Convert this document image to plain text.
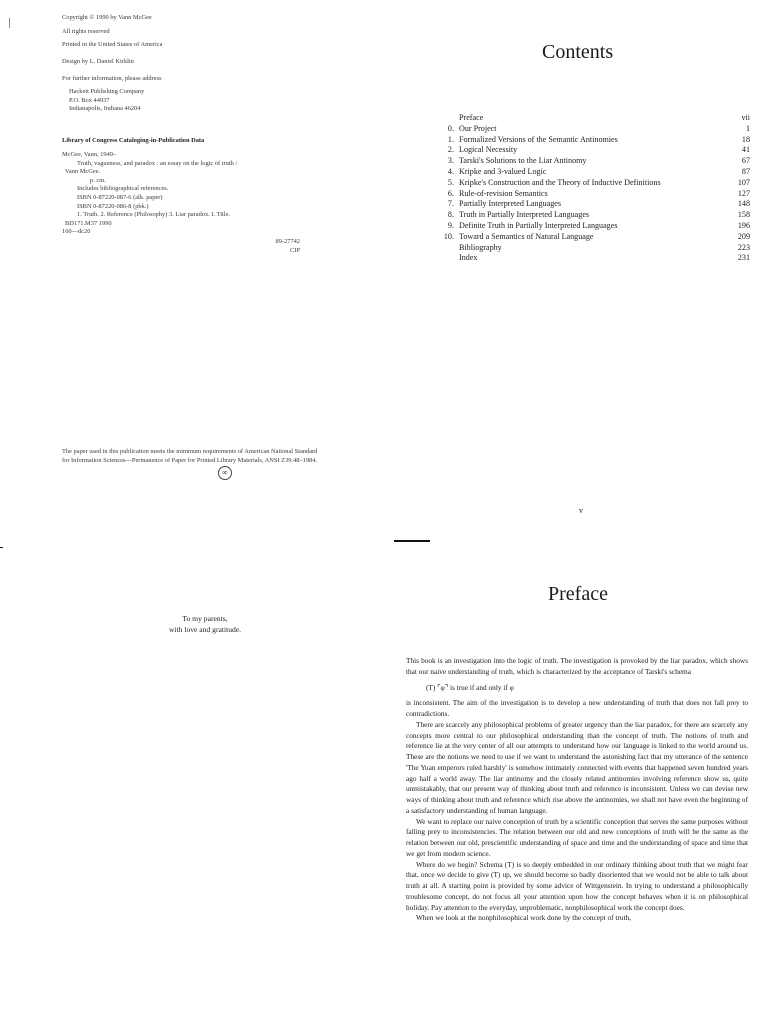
Copyright © 1990 by Vann McGee
All rights reserved
Printed in the United States of America
Design by L. Daniel Kirklin
For further information, please address
Hackett Publishing Company
P.O. Box 44937
Indianapolis, Indiana 46204
Library of Congress Cataloging-in-Publication Data
McGee, Vann, 1949–
Truth, vagueness, and paradox : an essay on the logic of truth /
Vann McGee.
p. cm.
Includes bibliographical references.
ISBN 0-87220-087-6 (alk. paper)
ISBN 0-87220-086-8 (pbk.)
1. Truth. 2. Reference (Philosophy) 3. Liar paradox. I. Title.
BD171.M37 1990
160—dc20
89-27742
CIP
The paper used in this publication meets the minimum requirements of American National Standard
for Information Sciences—Permanence of Paper for Printed Library Materials, ANSI Z39.48–1984.
∞
Contents
Preface	vii
0. Our Project	1
1. Formalized Versions of the Semantic Antinomies	18
2. Logical Necessity	41
3. Tarski's Solutions to the Liar Antinomy	67
4. Kripke and 3-valued Logic	87
5. Kripke's Construction and the Theory of Inductive Definitions	107
6. Rule-of-revision Semantics	127
7. Partially Interpreted Languages	148
8. Truth in Partially Interpreted Languages	158
9. Definite Truth in Partially Interpreted Languages	196
10. Toward a Semantics of Natural Language	209
Bibliography	223
Index	231
v
To my parents,
with love and gratitude.
Preface

This book is an investigation into the logic of truth. The investigation is provoked by the liar paradox, which shows that our naive understanding of truth, which is characterized by the acceptance of Tarski's schema

(T) ⌜φ⌝ is true if and only if φ

is inconsistent. The aim of the investigation is to develop a new understanding of truth that does not fall prey to contradictions.

There are scarcely any philosophical problems of greater urgency than the liar paradox, for there are scarcely any concepts more central to our philosophical understanding than the concept of truth. The notions of truth and reference lie at the very center of all our attempts to understand how our language is linked to the world around us. These are the notions we need to use if we want to understand the astonishing fact that my utterance of the sentence 'The Yuan emperors ruled harshly' is somehow intimately connected with events that happened seven hundred years ago half a world away. The liar antinomy and the closely related antinomies involving reference show us, quite unmistakably, that our present way of thinking about truth and reference is inconsistent. Unless we can devise new ways of thinking about truth and reference which rise above the antinomies, we shall not have even the beginning of a satisfactory understanding of human language.

We want to replace our naive conception of truth by a scientific conception that serves the same purposes without falling prey to inconsistencies. The relation between our old and new conceptions of truth will be the same as the relation between our old, prescientific understanding of space and time and the understanding of space and time that we get from modern science.

Where do we begin? Schema (T) is so deeply embedded in our ordinary thinking about truth that we might fear that, once we decide to give (T) up, we should become so badly disoriented that we would not be able to talk about truth at all. A starting point is provided by some advice of Wittgenstein. In trying to understand a philosophically troublesome concept, do not focus all your attention upon how the concept behaves when it is on philosophical holiday. Pay attention to the everyday, unproblematic, nonphilosophical work the concept does.

When we look at the nonphilosophical work done by the concept of truth,
